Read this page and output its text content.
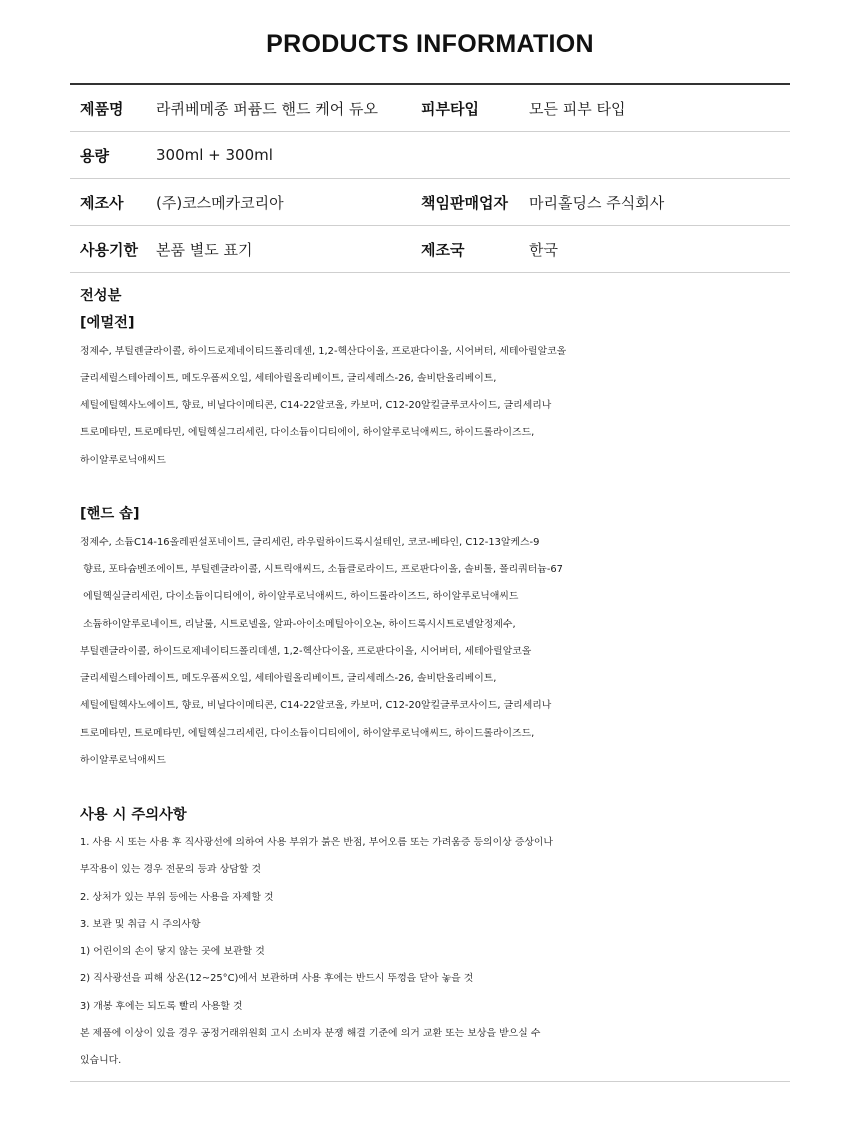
PRODUCTS INFORMATION
제품명	라퀴베메종 퍼퓸드 핸드 케어 듀오	피부타입	모든 피부 타입
용량	300ml + 300ml
제조사	(주)코스메카코리아	책임판매업자	마리홀딩스 주식회사
사용기한	본품 별도 표기	제조국	한국
전성분
[에멀전]
정제수, 부틸렌글라이콜, 하이드로제네이티드폴리데센, 1,2-헥산다이올, 프로판다이올, 시어버터, 세테아릴알코올
글리세릴스테아레이트, 메도우폼씨오일, 세테아릴올리베이트, 글리세레스-26, 솔비탄올리베이트,
세틸에틸헥사노에이트, 향료, 비닐다이메티콘, C14-22알코올, 카보머, C12-20알킬글루코사이드, 글리세리나
트로메타민, 트로메타민, 에틸헥실그리세린, 다이소듐이디티에이, 하이알루로닉애씨드, 하이드롤라이즈드,
하이알루로닉애씨드
[핸드 솝]
정제수, 소듐C14-16올레핀설포네이트, 글리세린, 라우릴하이드록시설테인, 코코-베타인, C12-13알케스-9
향료, 포타슘벤조에이트, 부틸렌글라이콜, 시트릭애씨드, 소듐클로라이드, 프로판다이올, 솔비톨, 폴리쿼터늄-67
에틸헥실글리세린, 다이소듐이디티에이, 하이알루로닉애씨드, 하이드롤라이즈드, 하이알루로닉애씨드
소듐하이알루로네이트, 리날룰, 시트로넬올, 알파-아이소메틸아이오논, 하이드록시시트로넬알정제수,
부틸렌글라이콜, 하이드로제네이티드폴리데센, 1,2-헥산다이올, 프로판다이올, 시어버터, 세테아릴알코올
글리세릴스테아레이트, 메도우폼씨오일, 세테아릴올리베이트, 글리세레스-26, 솔비탄올리베이트,
세틸에틸헥사노에이트, 향료, 비닐다이메티콘, C14-22알코올, 카보머, C12-20알킬글루코사이드, 글리세리나
트로메타민, 트로메타민, 에틸헥실그리세린, 다이소듐이디티에이, 하이알루로닉애씨드, 하이드롤라이즈드,
하이알루로닉애씨드
사용 시 주의사항
1. 사용 시 또는 사용 후 직사광선에 의하여 사용 부위가 붉은 반점, 부어오름 또는 가려움증 등의이상 증상이나
부작용이 있는 경우 전문의 등과 상담할 것
2. 상처가 있는 부위 등에는 사용을 자제할 것
3. 보관 및 취급 시 주의사항
1) 어린이의 손이 닿지 않는 곳에 보관할 것
2) 직사광선을 피해 상온(12~25°C)에서 보관하며 사용 후에는 반드시 뚜껑을 닫아 놓을 것
3) 개봉 후에는 되도록 빨리 사용할 것
본 제품에 이상이 있을 경우 공정거래위원회 고시 소비자 분쟁 해결 기준에 의거 교환 또는 보상을 받으실 수
있습니다.
